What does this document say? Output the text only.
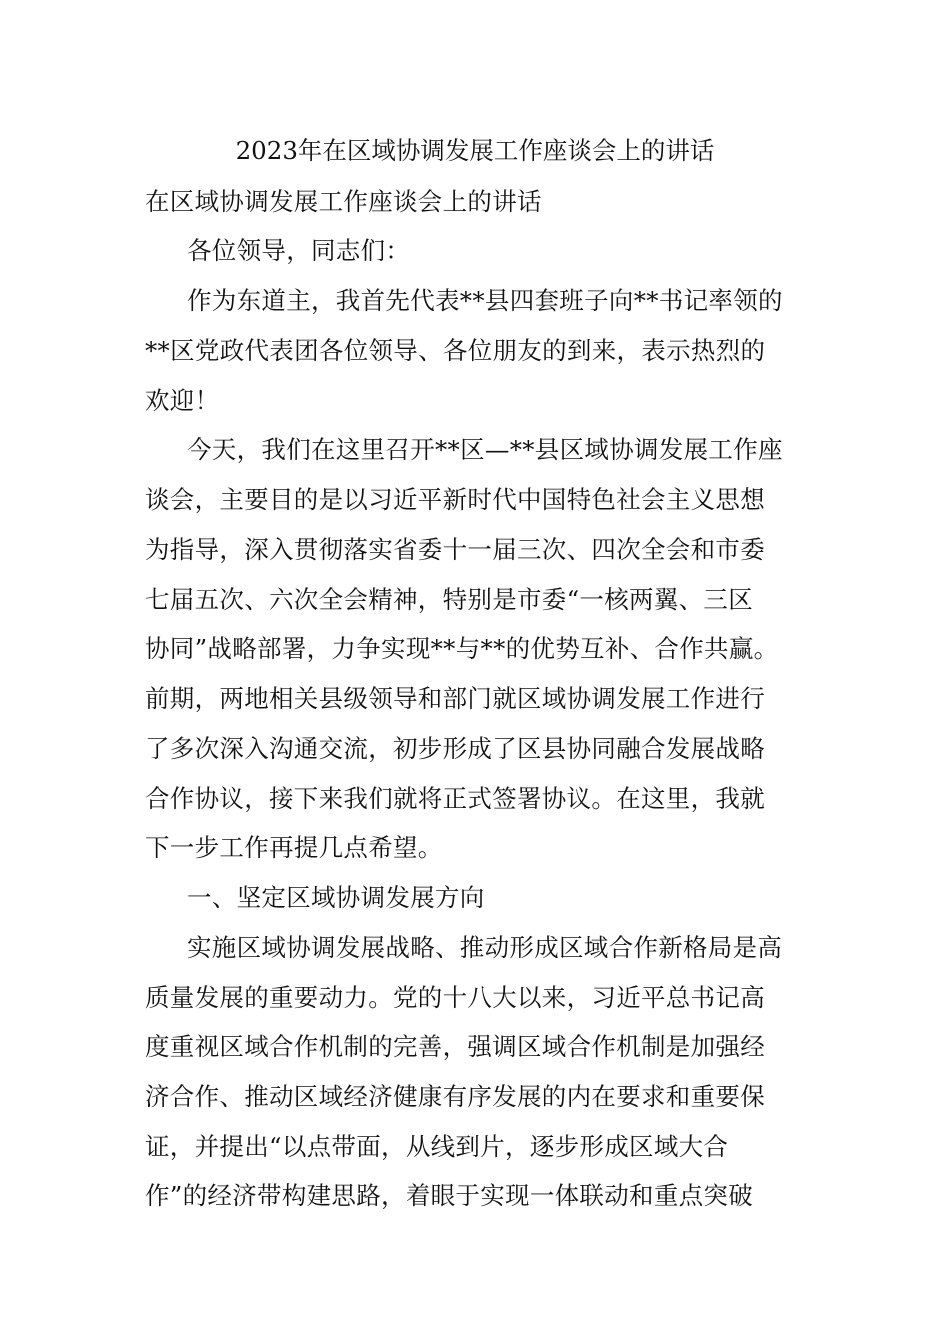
2023年在区域协调发展工作座谈会上的讲话
在区域协调发展工作座谈会上的讲话
各位领导，同志们：
作为东道主，我首先代表**县四套班子向**书记率领的
**区党政代表团各位领导、各位朋友的到来，表示热烈的
欢迎！
今天，我们在这里召开**区—**县区域协调发展工作座
谈会，主要目的是以习近平新时代中国特色社会主义思想
为指导，深入贯彻落实省委十一届三次、四次全会和市委
七届五次、六次全会精神，特别是市委“一核两翼、三区
协同”战略部署，力争实现**与**的优势互补、合作共赢。
前期，两地相关县级领导和部门就区域协调发展工作进行
了多次深入沟通交流，初步形成了区县协同融合发展战略
合作协议，接下来我们就将正式签署协议。在这里，我就
下一步工作再提几点希望。
一、坚定区域协调发展方向
实施区域协调发展战略、推动形成区域合作新格局是高
质量发展的重要动力。党的十八大以来，习近平总书记高
度重视区域合作机制的完善，强调区域合作机制是加强经
济合作、推动区域经济健康有序发展的内在要求和重要保
证，并提出“以点带面，从线到片，逐步形成区域大合
作”的经济带构建思路，着眼于实现一体联动和重点突破
